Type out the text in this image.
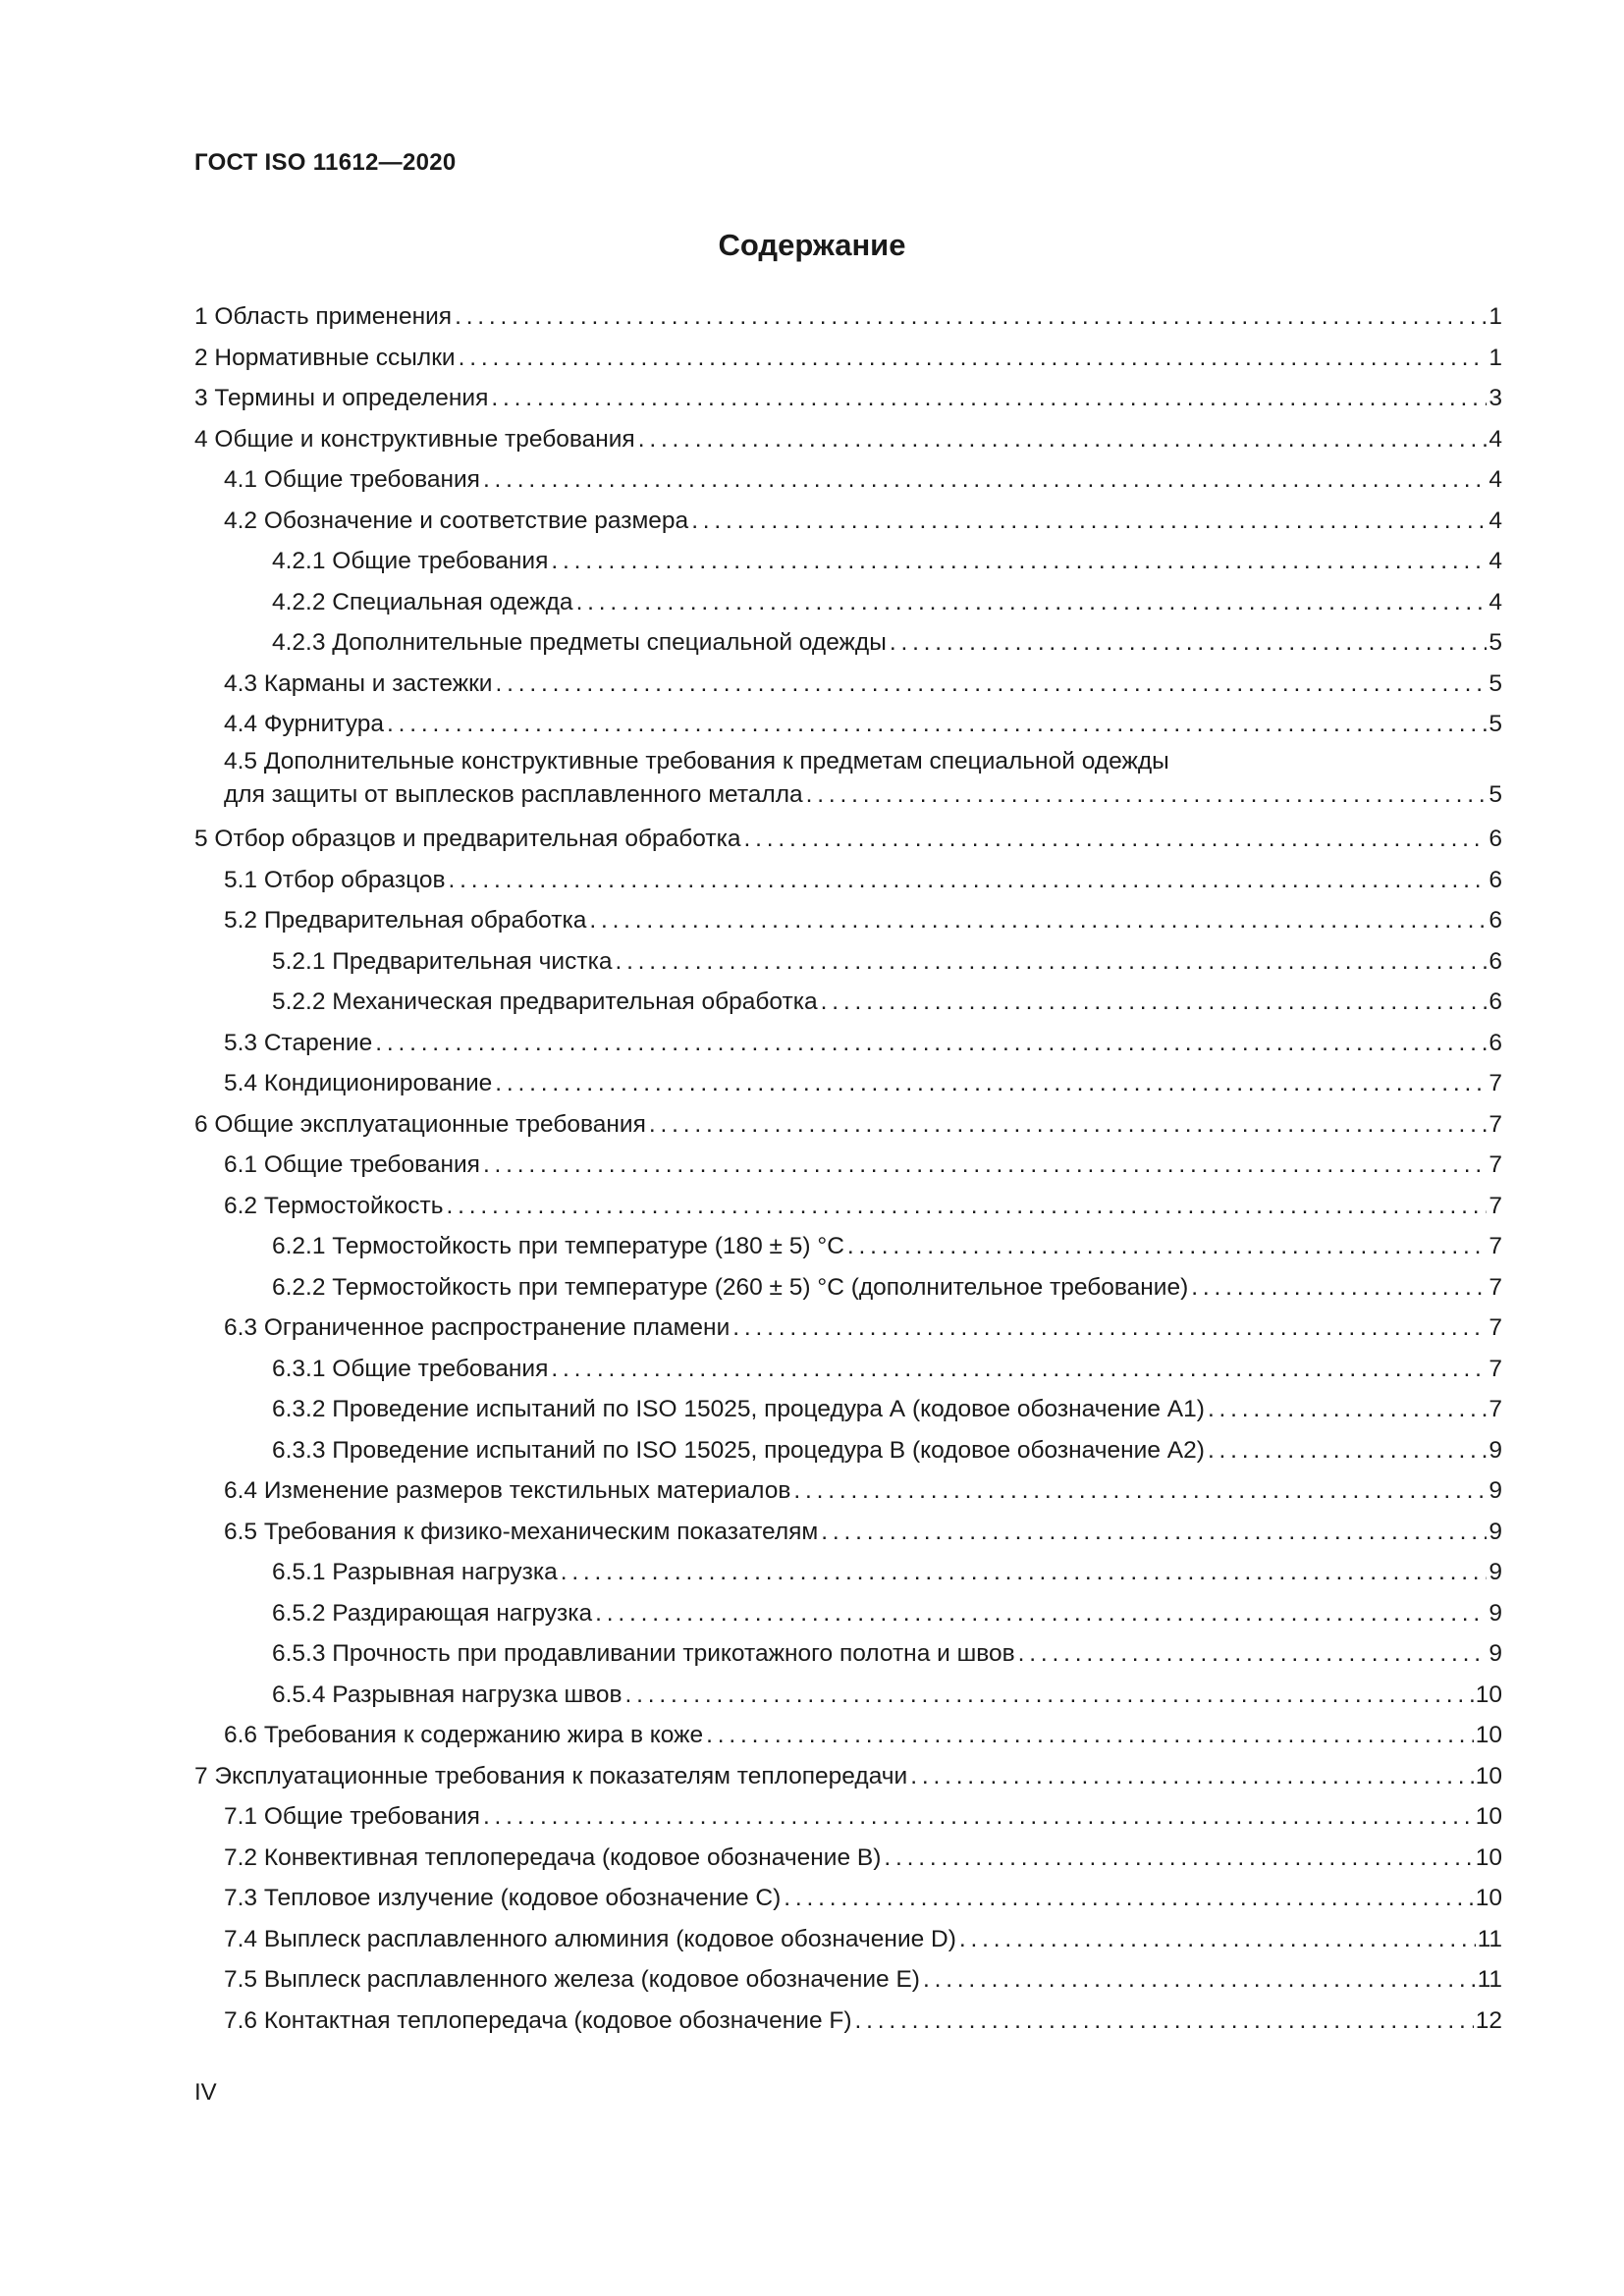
ГОСТ ISO 11612—2020
Содержание
1 Область применения . . .	1
2 Нормативные ссылки . . .	1
3 Термины и определения . . .	3
4 Общие и конструктивные требования . . .	4
4.1 Общие требования . . .	4
4.2 Обозначение и соответствие размера . . .	4
4.2.1 Общие требования . . .	4
4.2.2 Специальная одежда . . .	4
4.2.3 Дополнительные предметы специальной одежды . . .	5
4.3 Карманы и застежки . . .	5
4.4 Фурнитура . . .	5
4.5 Дополнительные конструктивные требования к предметам специальной одежды
для защиты от выплесков расплавленного металла . . .	5
5 Отбор образцов и предварительная обработка . . .	6
5.1 Отбор образцов . . .	6
5.2 Предварительная обработка . . .	6
5.2.1 Предварительная чистка . . .	6
5.2.2 Механическая предварительная обработка . . .	6
5.3 Старение . . .	6
5.4 Кондиционирование . . .	7
6 Общие эксплуатационные требования . . .	7
6.1 Общие требования . . .	7
6.2 Термостойкость . . .	7
6.2.1 Термостойкость при температуре (180 ± 5) °С . . .	7
6.2.2 Термостойкость при температуре (260 ± 5) °С (дополнительное требование) . . .	7
6.3 Ограниченное распространение пламени . . .	7
6.3.1 Общие требования . . .	7
6.3.2 Проведение испытаний по ISO 15025, процедура А (кодовое обозначение А1) . . .	7
6.3.3 Проведение испытаний по ISO 15025, процедура В (кодовое обозначение А2) . . .	9
6.4 Изменение размеров текстильных материалов . . .	9
6.5 Требования к физико-механическим показателям . . .	9
6.5.1 Разрывная нагрузка . . .	9
6.5.2 Раздирающая нагрузка . . .	9
6.5.3 Прочность при продавливании трикотажного полотна и швов . . .	9
6.5.4 Разрывная нагрузка швов . . .	10
6.6 Требования к содержанию жира в коже . . .	10
7 Эксплуатационные требования к показателям теплопередачи . . .	10
7.1 Общие требования . . .	10
7.2 Конвективная теплопередача (кодовое обозначение В) . . .	10
7.3 Тепловое излучение (кодовое обозначение С) . . .	10
7.4 Выплеск расплавленного алюминия (кодовое обозначение D) . . .	11
7.5 Выплеск расплавленного железа (кодовое обозначение Е) . . .	11
7.6 Контактная теплопередача (кодовое обозначение F) . . .	12
IV
